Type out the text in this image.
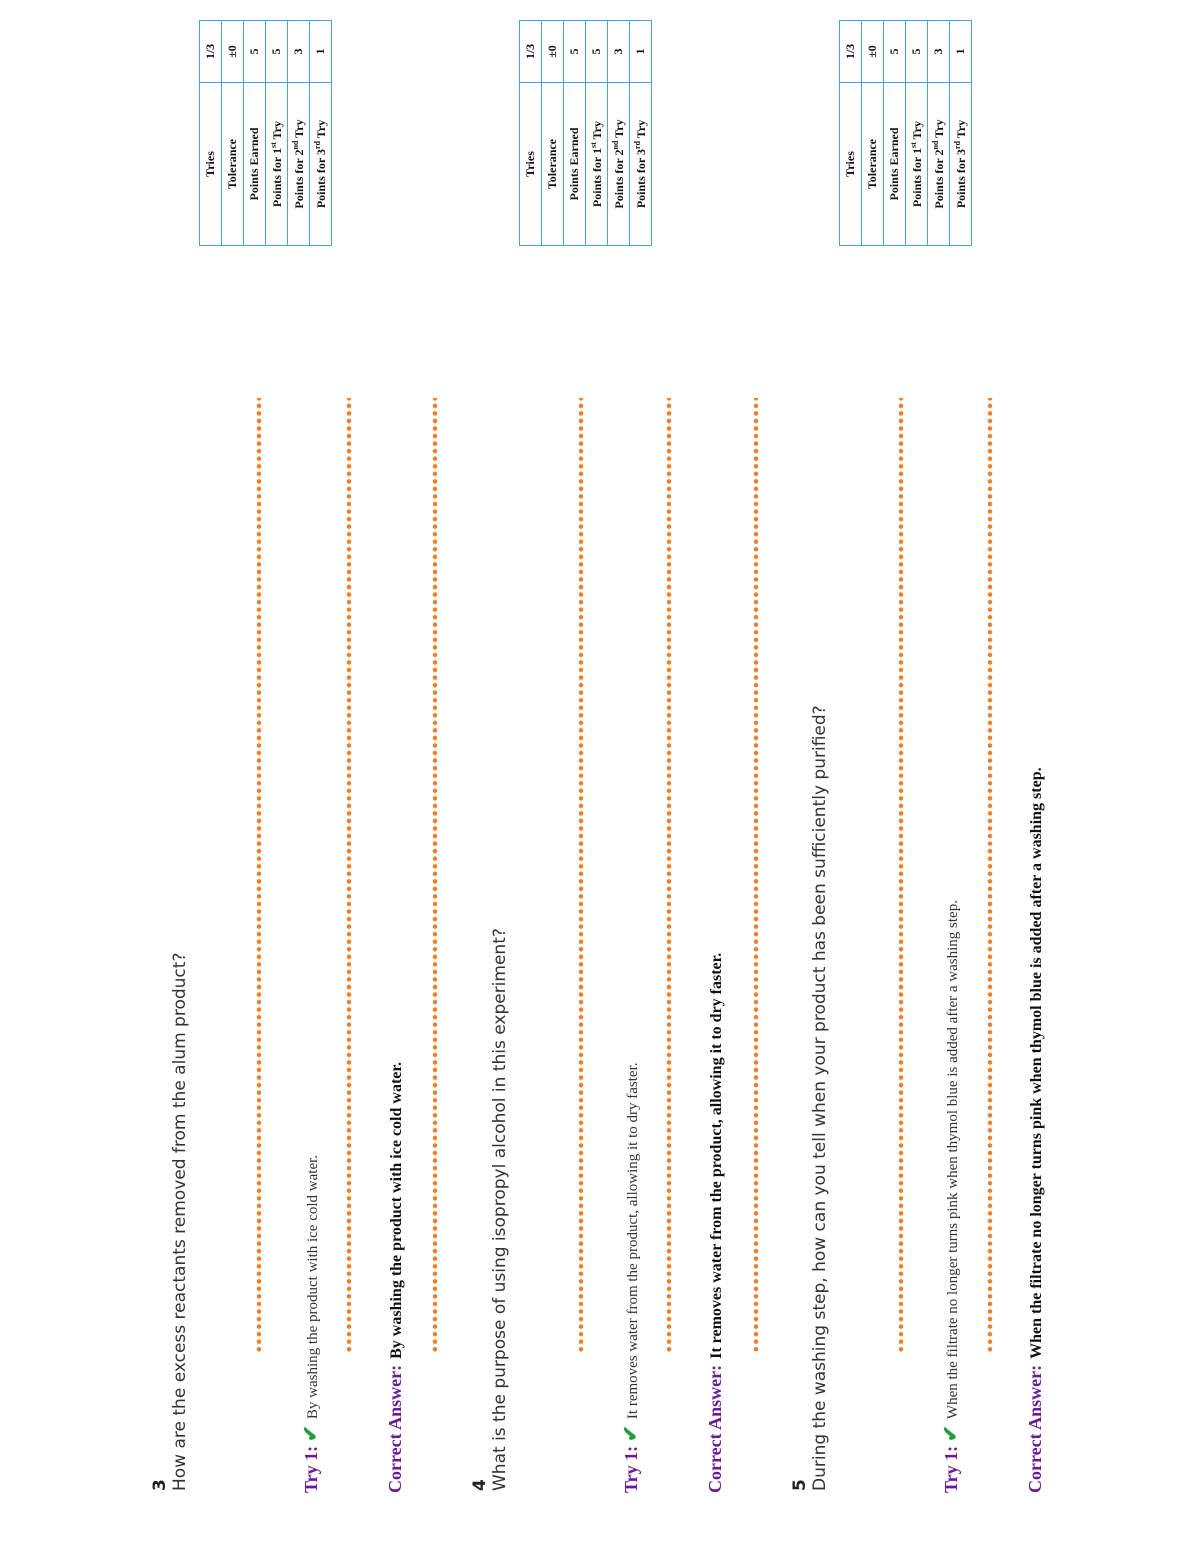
3 How are the excess reactants removed from the alum product?	Try 1:✔By washing the product with ice cold water.
Correct Answer:By washing the product with ice cold water.
Tries	1/3
Tolerance	±0
Points Earned	5
Points for 1st Try	5
Points for 2nd Try	3
Points for 3rd Try	1
4 What is the purpose of using isopropyl alcohol in this experiment?	Try 1:✔It removes water from the product, allowing it to dry faster.
Correct Answer:It removes water from the product, allowing it to dry faster.
Tries	1/3
Tolerance	±0
Points Earned	5
Points for 1st Try	5
Points for 2nd Try	3
Points for 3rd Try	1
5 During the washing step, how can you tell when your product has been sufficiently purified?	Try 1:✔When the filtrate no longer turns pink when thymol blue is added after a washing step.
Correct Answer:When the filtrate no longer turns pink when thymol blue is added after a washing step.
Tries	1/3
Tolerance	±0
Points Earned	5
Points for 1st Try	5
Points for 2nd Try	3
Points for 3rd Try	1
